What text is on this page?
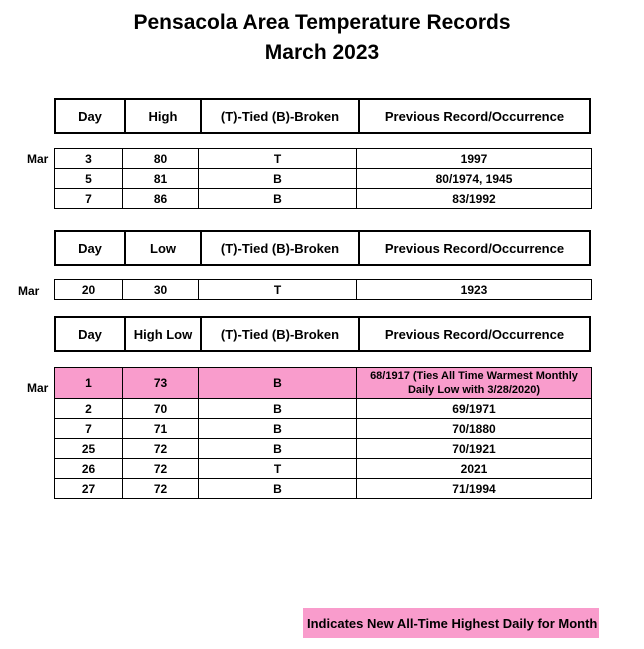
Pensacola Area Temperature Records
March 2023
Day	High	(T)-Tied (B)-Broken	Previous Record/Occurrence
Mar	3	80	T	1997
5	81	B	80/1974, 1945
7	86	B	83/1992
Day	Low	(T)-Tied (B)-Broken	Previous Record/Occurrence
Mar	20	30	T	1923
Day	High Low	(T)-Tied (B)-Broken	Previous Record/Occurrence
Mar	1	73	B	68/1917 (Ties All Time Warmest Monthly Daily Low with 3/28/2020)
2	70	B	69/1971
7	71	B	70/1880
25	72	B	70/1921
26	72	T	2021
27	72	B	71/1994
Indicates New All-Time Highest Daily for Month
